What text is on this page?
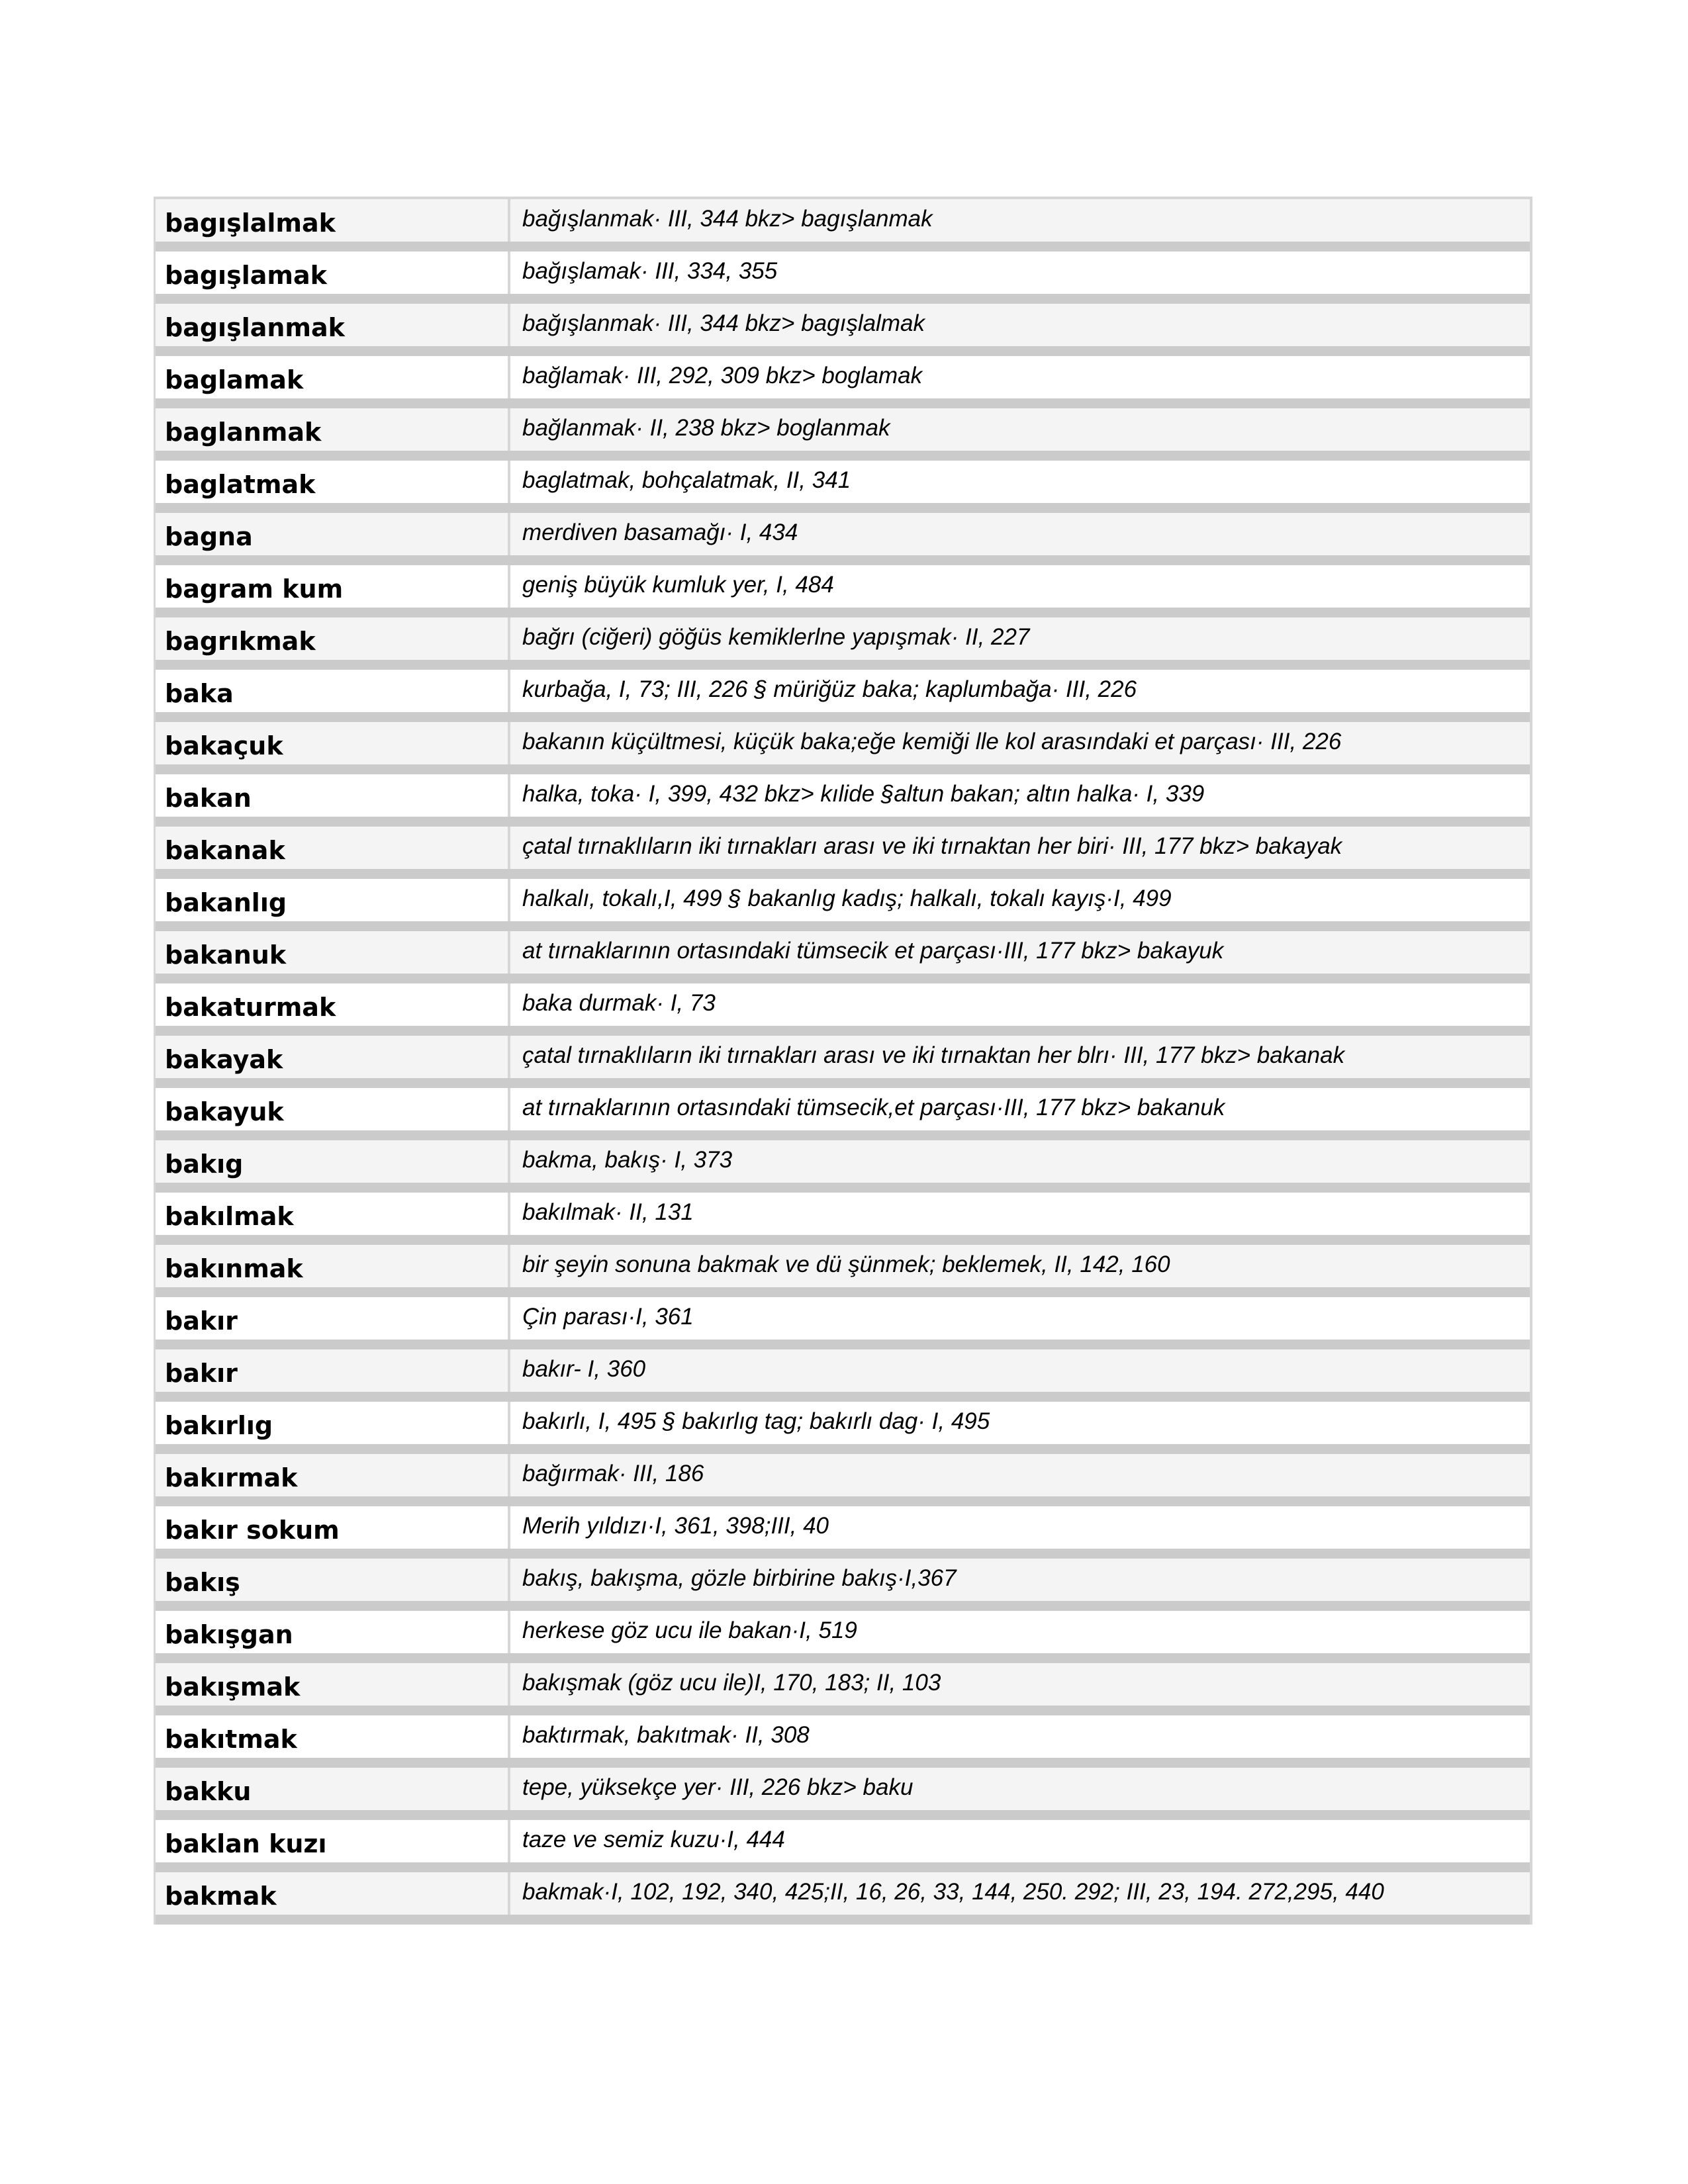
bagışlalmak	bağışlanmak· III, 344 bkz> bagışlanmak
bagışlamak	bağışlamak· III, 334, 355
bagışlanmak	bağışlanmak· III, 344 bkz> bagışlalmak
baglamak	bağlamak· III, 292, 309 bkz> boglamak
baglanmak	bağlanmak· II, 238 bkz> boglanmak
baglatmak	baglatmak, bohçalatmak, II, 341
bagna	merdiven basamağı· I, 434
bagram kum	geniş büyük kumluk yer, I, 484
bagrıkmak	bağrı (ciğeri) göğüs kemiklerlne yapışmak· II, 227
baka	kurbağa, I, 73; III, 226 § müriğüz baka; kaplumbağa· III, 226
bakaçuk	bakanın küçültmesi, küçük baka;eğe kemiği lle kol arasındaki et parçası· III, 226
bakan	halka, toka· I, 399, 432 bkz> kılide §altun bakan; altın halka· I, 339
bakanak	çatal tırnaklıların iki tırnakları arası ve iki tırnaktan her biri· III, 177 bkz> bakayak
bakanlıg	halkalı, tokalı,I, 499 § bakanlıg kadış; halkalı, tokalı kayış·I, 499
bakanuk	at tırnaklarının ortasındaki tümsecik et parçası·III, 177 bkz> bakayuk
bakaturmak	baka durmak· I, 73
bakayak	çatal tırnaklıların iki tırnakları arası ve iki tırnaktan her blrı· III, 177 bkz> bakanak
bakayuk	at tırnaklarının ortasındaki tümsecik,et parçası·III, 177 bkz> bakanuk
bakıg	bakma, bakış· I, 373
bakılmak	bakılmak· II, 131
bakınmak	bir şeyin sonuna bakmak ve dü şünmek; beklemek, II, 142, 160
bakır	Çin parası·I, 361
bakır	bakır- I, 360
bakırlıg	bakırlı, I, 495 § bakırlıg tag; bakırlı dag· I, 495
bakırmak	bağırmak· III, 186
bakır sokum	Merih yıldızı·I, 361, 398;III, 40
bakış	bakış, bakışma, gözle birbirine bakış·I,367
bakışgan	herkese göz ucu ile bakan·I, 519
bakışmak	bakışmak (göz ucu ile)I, 170, 183; II, 103
bakıtmak	baktırmak, bakıtmak· II, 308
bakku	tepe, yüksekçe yer· III, 226 bkz> baku
baklan kuzı	taze ve semiz kuzu·I, 444
bakmak	bakmak·I, 102, 192, 340, 425;II, 16, 26, 33, 144, 250. 292; III, 23, 194. 272,295, 440
